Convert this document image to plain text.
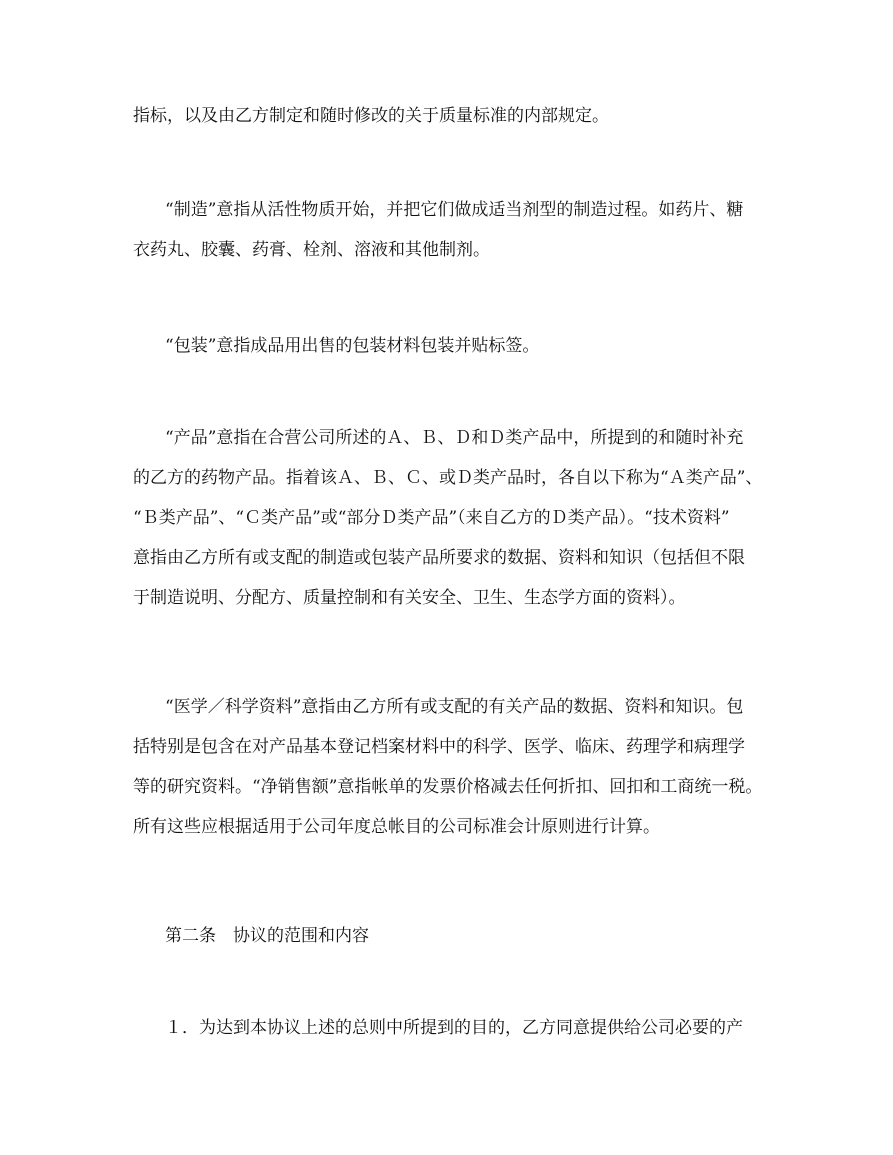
指标，以及由乙方制定和随时修改的关于质量标准的内部规定。

“制造”意指从活性物质开始，并把它们做成适当剂型的制造过程。如药片、糖
衣药丸、胶囊、药膏、栓剂、溶液和其他制剂。

“包装”意指成品用出售的包装材料包装并贴标签。

“产品”意指在合营公司所述的Ａ、Ｂ、Ｄ和Ｄ类产品中，所提到的和随时补充
的乙方的药物产品。指着该Ａ、Ｂ、Ｃ、或Ｄ类产品时，各自以下称为“Ａ类产品”、
“Ｂ类产品”、“Ｃ类产品”或“部分Ｄ类产品”（来自乙方的Ｄ类产品）。“技术资料”
意指由乙方所有或支配的制造或包装产品所要求的数据、资料和知识（包括但不限
于制造说明、分配方、质量控制和有关安全、卫生、生态学方面的资料）。

“医学／科学资料”意指由乙方所有或支配的有关产品的数据、资料和知识。包
括特别是包含在对产品基本登记档案材料中的科学、医学、临床、药理学和病理学
等的研究资料。“净销售额”意指帐单的发票价格减去任何折扣、回扣和工商统一税。
所有这些应根据适用于公司年度总帐目的公司标准会计原则进行计算。

第二条　协议的范围和内容

１．为达到本协议上述的总则中所提到的目的，乙方同意提供给公司必要的产
